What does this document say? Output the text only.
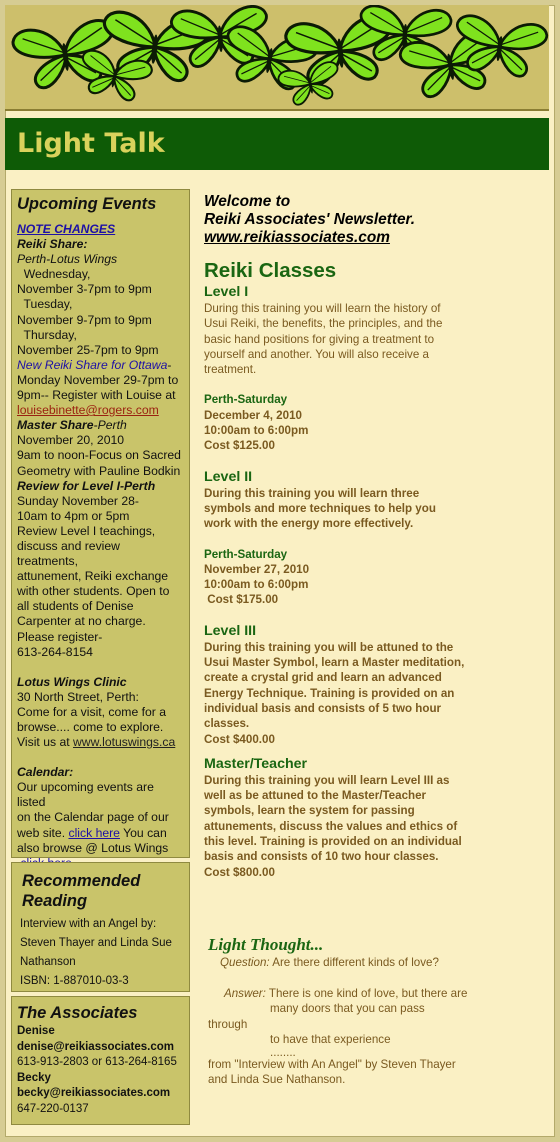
Light Talk
Upcoming Events

NOTE CHANGES

Reiki Share:

Perth-Lotus Wings

Wednesday,

November 3-7pm to 9pm

Tuesday,

November 9-7pm to 9pm

Thursday,

November 25-7pm to 9pm

New Reiki Share for Ottawa-

Monday November 29-7pm to

9pm-- Register with Louise at

louisebinette@rogers.com

Master Share-Perth

November 20, 2010

9am to noon-Focus on Sacred

Geometry with Pauline Bodkin

Review for Level I-Perth

Sunday November 28-

10am to 4pm or 5pm

Review Level I teachings,

discuss and review treatments,

attunement, Reiki exchange

with other students. Open to

all students of Denise

Carpenter at no charge.

Please register-

613-264-8154

Lotus Wings Clinic

30 North Street, Perth:

Come for a visit, come for a

browse.... come to explore.

Visit us at www.lotuswings.ca

Calendar:

Our upcoming events are listed

on the Calendar page of our

web site. click here You can

also browse @ Lotus Wings

Recommended Reading

Interview with an Angel by:

Steven Thayer and Linda Sue

Nathanson

ISBN: 1-887010-03-3

The Associates

Denise

denise@reikiassociates.com

613-913-2803 or 613-264-8165

Becky

becky@reikiassociates.com

647-220-0137

Welcome to

Reiki Associates' Newsletter.

www.reikiassociates.com

Reiki Classes
Level I

During this training you will learn the history of Usui Reiki, the benefits, the principles, and the basic hand positions for giving a treatment to yourself and another. You will also receive a treatment.

Perth-Saturday

December 4, 2010

10:00am to 6:00pm

Cost $125.00

Level II

During this training you will learn three symbols and more techniques to help you work with the energy more effectively.

Perth-Saturday

November 27, 2010

10:00am to 6:00pm

Cost $175.00

Level III

During this training you will be attuned to the Usui Master Symbol, learn a Master meditation, create a crystal grid and learn an advanced Energy Technique. Training is provided on an individual basis and consists of 5 two hour classes.

Cost $400.00

Master/Teacher

During this training you will learn Level III as well as be attuned to the Master/Teacher symbols, learn the system for passing attunements, discuss the values and ethics of this level. Training is provided on an individual basis and consists of 10 two hour classes.

Cost $800.00

Light Thought...

Question: Are there different kinds of love?

Answer: There is one kind of love, but there are

many doors that you can pass through

to have that experience

........

from "Interview with An Angel" by Steven Thayer and Linda Sue Nathanson.
